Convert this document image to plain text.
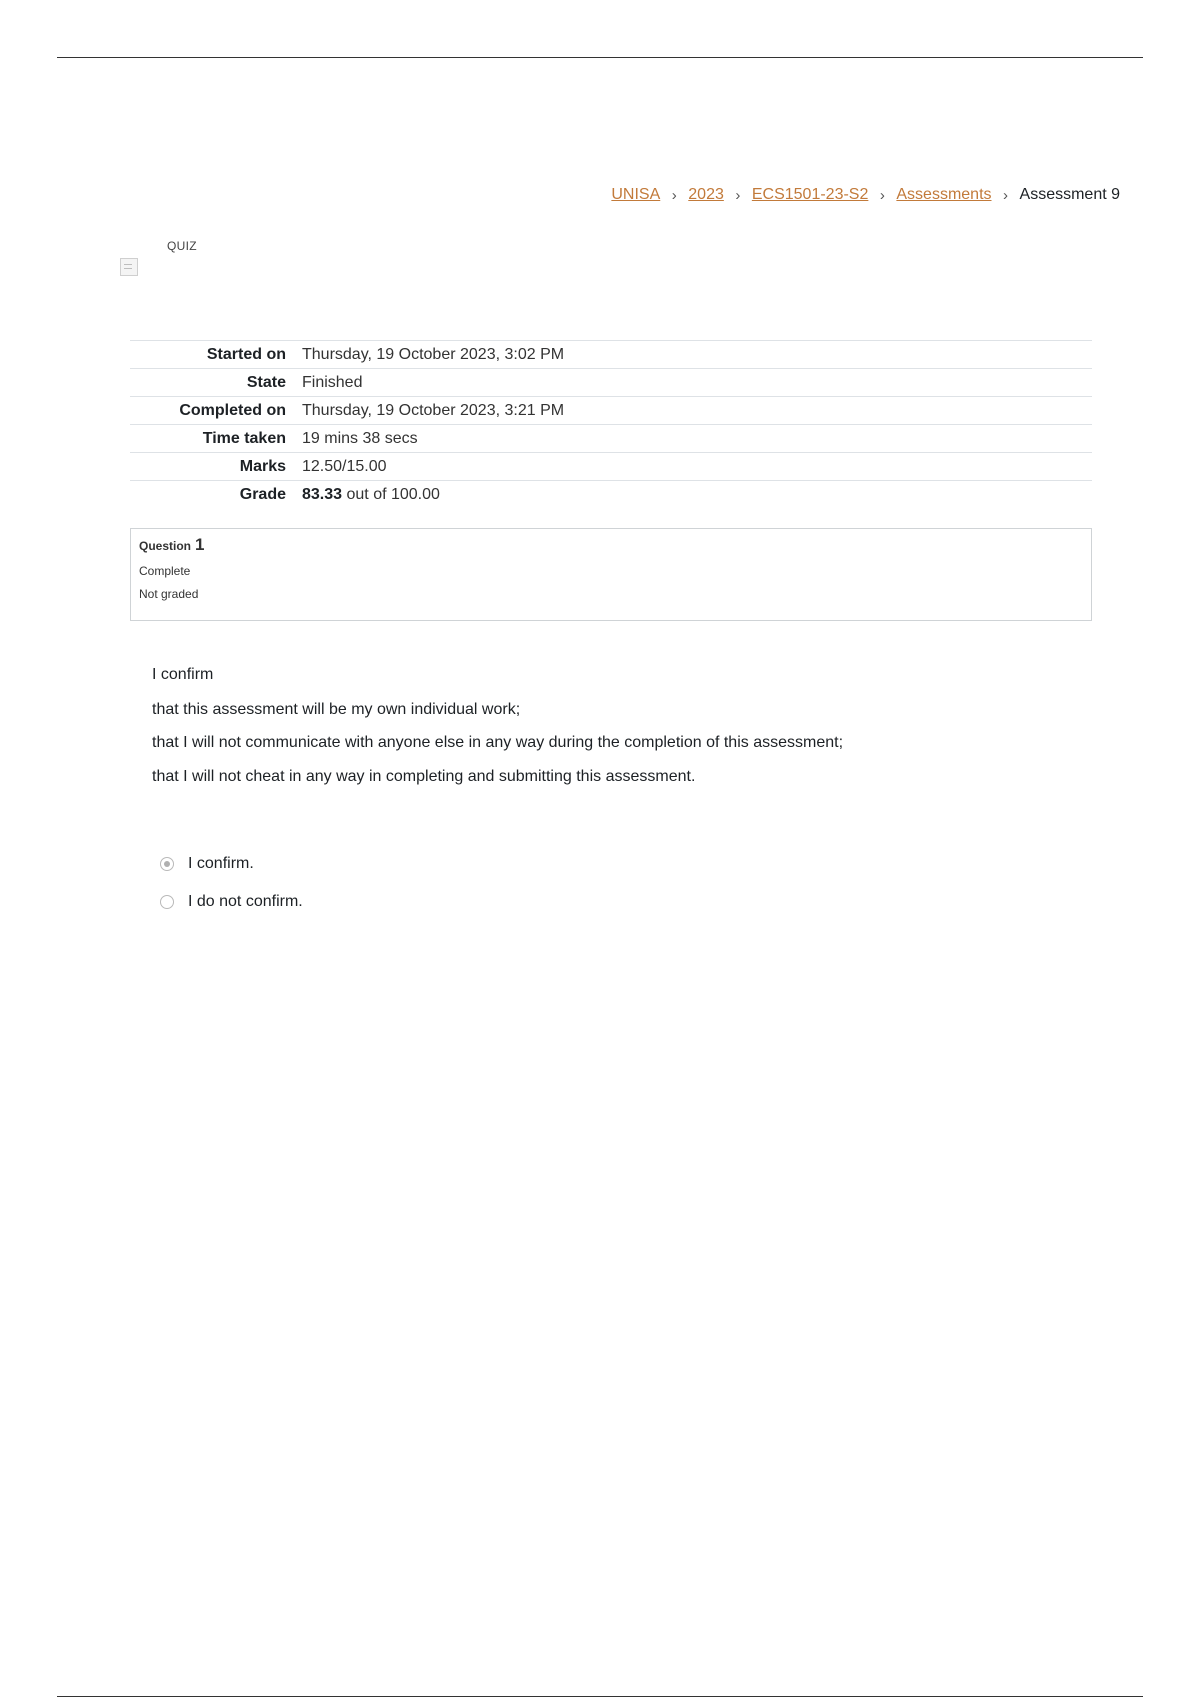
UNISA › 2023 › ECS1501-23-S2 › Assessments › Assessment 9
QUIZ
Started on	Thursday, 19 October 2023, 3:02 PM
State	Finished
Completed on	Thursday, 19 October 2023, 3:21 PM
Time taken	19 mins 38 secs
Marks	12.50/15.00
Grade	83.33 out of 100.00
Question 1
Complete
Not graded

I confirm

that this assessment will be my own individual work;

that I will not communicate with anyone else in any way during the completion of this assessment;

that I will not cheat in any way in completing and submitting this assessment.

I confirm.
I do not confirm.
